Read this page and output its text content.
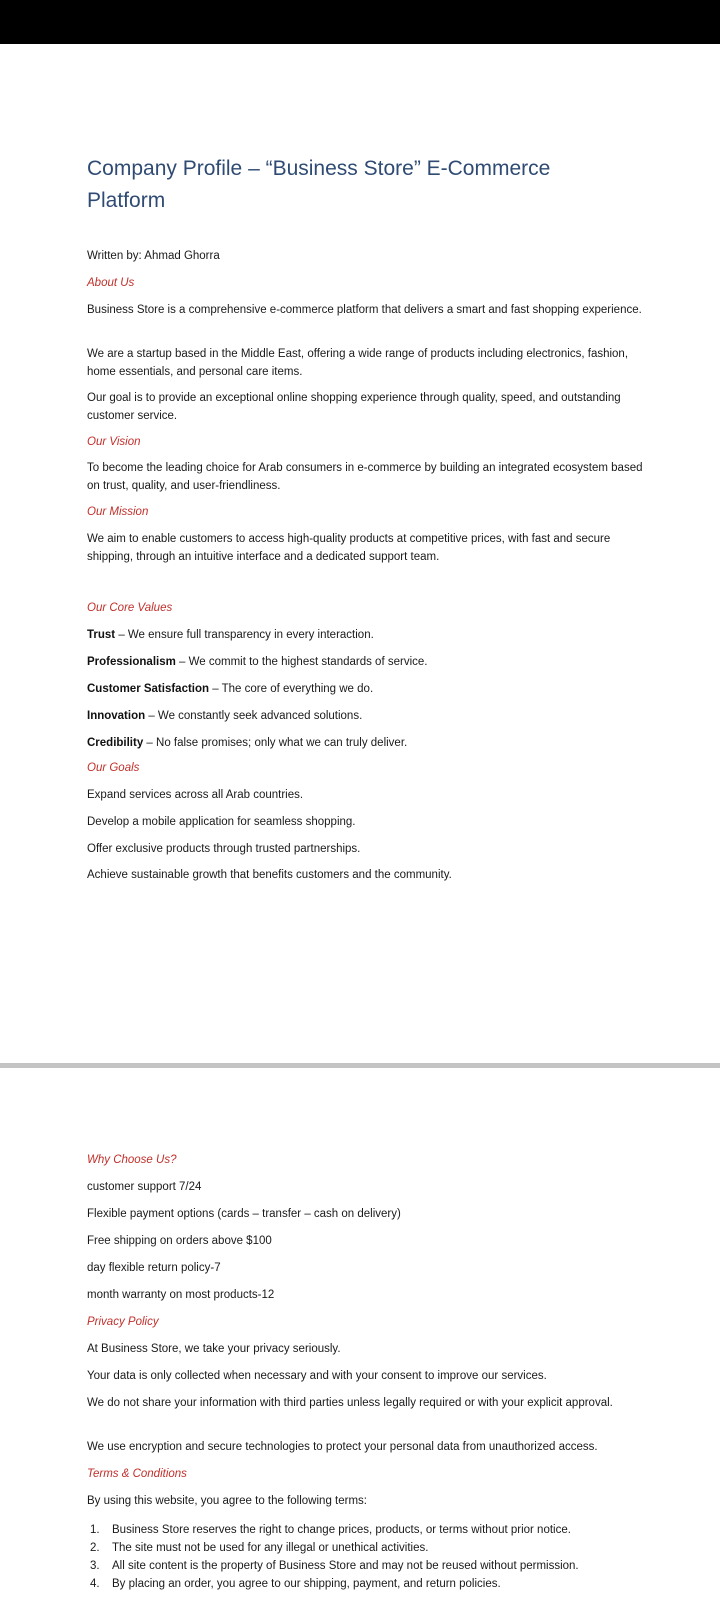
Company Profile – “Business Store” E-Commerce Platform

Written by: Ahmad Ghorra

About Us

Business Store is a comprehensive e-commerce platform that delivers a smart and fast shopping experience.

We are a startup based in the Middle East, offering a wide range of products including electronics, fashion, home essentials, and personal care items.

Our goal is to provide an exceptional online shopping experience through quality, speed, and outstanding customer service.

Our Vision

To become the leading choice for Arab consumers in e-commerce by building an integrated ecosystem based on trust, quality, and user-friendliness.

Our Mission

We aim to enable customers to access high-quality products at competitive prices, with fast and secure shipping, through an intuitive interface and a dedicated support team.

Our Core Values

Trust – We ensure full transparency in every interaction.

Professionalism – We commit to the highest standards of service.

Customer Satisfaction – The core of everything we do.

Innovation – We constantly seek advanced solutions.

Credibility – No false promises; only what we can truly deliver.

Our Goals

Expand services across all Arab countries.

Develop a mobile application for seamless shopping.

Offer exclusive products through trusted partnerships.

Achieve sustainable growth that benefits customers and the community.

Why Choose Us?

customer support 7/24

Flexible payment options (cards – transfer – cash on delivery)

Free shipping on orders above $100

day flexible return policy-7

month warranty on most products-12

Privacy Policy

At Business Store, we take your privacy seriously.

Your data is only collected when necessary and with your consent to improve our services.

We do not share your information with third parties unless legally required or with your explicit approval.

We use encryption and secure technologies to protect your personal data from unauthorized access.

Terms & Conditions

By using this website, you agree to the following terms:

1. Business Store reserves the right to change prices, products, or terms without prior notice.
2. The site must not be used for any illegal or unethical activities.
3. All site content is the property of Business Store and may not be reused without permission.
4. By placing an order, you agree to our shipping, payment, and return policies.
